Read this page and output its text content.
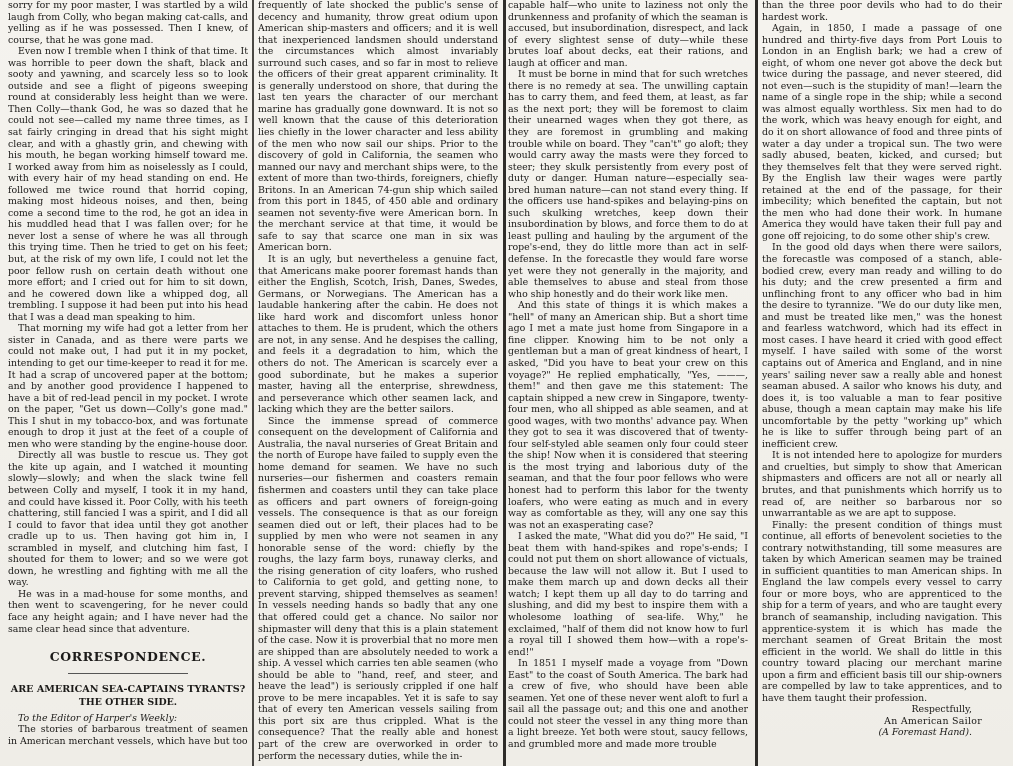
sorry for my poor master, I was startled by a wild laugh from Colly, who began making cat-calls, and yelling as if he was possessed. Then I knew, of course, that he was gone mad.

Even now I tremble when I think of that time. It was horrible to peer down the shaft, black and sooty and yawning, and scarcely less so to look outside and see a flight of pigeons sweeping round at considerably less height than we were. Then Colly—thank God, he was so dazed that he could not see—called my name three times, as I sat fairly cringing in dread that his sight might clear, and with a ghastly grin, and chewing with his mouth, he began working himself toward me. I worked away from him as noiselessly as I could, with every hair of my head standing on end. He followed me twice round that horrid coping, making most hideous noises, and then, being come a second time to the rod, he got an idea in his muddled head that I was fallen over; for he never lost a sense of where he was all through this trying time. Then he tried to get on his feet; but, at the risk of my own life, I could not let the poor fellow rush on certain death without one more effort; and I cried out for him to sit down, and he cowered down like a whipped dog, all trembling. I suppose it had been put into his head that I was a dead man speaking to him.

That morning my wife had got a letter from her sister in Canada, and as there were parts we could not make out, I had put it in my pocket, intending to get our time-keeper to read it for me. It had a scrap of uncovered paper at the bottom; and by another good providence I happened to have a bit of red-lead pencil in my pocket. I wrote on the paper, "Get us down—Colly's gone mad." This I shut in my tobacco-box, and was fortunate enough to drop it just at the feet of a couple of men who were standing by the engine-house door.

Directly all was bustle to rescue us. They got the kite up again, and I watched it mounting slowly—slowly; and when the slack twine fell between Colly and myself, I took it in my hand, and could have kissed it. Poor Colly, with his teeth chattering, still fancied I was a spirit, and I did all I could to favor that idea until they got another cradle up to us. Then having got him in, I scrambled in myself, and clutching him fast, I shouted for them to lower; and so we were got down, he wrestling and fighting with me all the way.

He was in a mad-house for some months, and then went to scavengering, for he never could face any height again; and I have never had the same clear head since that adventure.

CORRESPONDENCE.
ARE AMERICAN SEA-CAPTAINS TYRANTS?
THE OTHER SIDE.

To the Editor of Harper's Weekly:

The stories of barbarous treatment of seamen in American merchant vessels, which have but too

frequently of late shocked the public's sense of decency and humanity, throw great odium upon American ship-masters and officers; and it is well that inexperienced landsmen should understand the circumstances which almost invariably surround such cases, and so far in most to relieve the officers of their great apparent criminality. It is generally understood on shore, that during the last ten years the character of our merchant marine has gradually gone downward. It is not so well known that the cause of this deterioration lies chiefly in the lower character and less ability of the men who now sail our ships. Prior to the discovery of gold in California, the seamen who manned our navy and merchant ships were, to the extent of more than two-thirds, foreigners, chiefly Britons. In an American 74-gun ship which sailed from this port in 1845, of 450 able and ordinary seamen not seventy-five were American born. In the merchant service at that time, it would be safe to say that scarce one man in six was American born.

It is an ugly, but nevertheless a genuine fact, that Americans make poorer foremast hands than either the English, Scotch, Irish, Danes, Swedes, Germans, or Norwegians. The American has a laudable hankering after the cabin. He does not like hard work and discomfort unless honor attaches to them. He is prudent, which the others are not, in any sense. And he despises the calling, and feels it a degradation to him, which the others do not. The American is scarcely ever a good subordinate, but he makes a superior master, having all the enterprise, shrewdness, and perseverance which other seamen lack, and lacking which they are the better sailors.

Since the immense spread of commerce consequent on the development of California and Australia, the naval nurseries of Great Britain and the north of Europe have failed to supply even the home demand for seamen. We have no such nurseries—our fishermen and coasters remain fishermen and coasters until they can take place as officers and part owners of foreign-going vessels. The consequence is that as our foreign seamen died out or left, their places had to be supplied by men who were not seamen in any honorable sense of the word: chiefly by the roughs, the lazy farm boys, runaway clerks, and the rising generation of city loafers, who rushed to California to get gold, and getting none, to prevent starving, shipped themselves as seamen! In vessels needing hands so badly that any one that offered could get a chance. No sailor nor shipmaster will deny that this is a plain statement of the case. Now it is proverbial that no more men are shipped than are absolutely needed to work a ship. A vessel which carries ten able seamen (who should be able to "hand, reef, and steer, and heave the lead") is seriously crippled if one half prove to be mere incapables. Yet it is safe to say that of every ten American vessels sailing from this port six are thus crippled. What is the consequence? That the really able and honest part of the crew are overworked in order to perform the necessary duties, while the in-

capable half—who unite to laziness not only the drunkenness and profanity of which the seaman is accused, but insubordination, disrespect, and lack of every slightest sense of duty—while these brutes loaf about decks, eat their rations, and laugh at officer and man.

It must be borne in mind that for such wretches there is no remedy at sea. The unwilling captain has to carry them, and feed them, at least, as far as the next port; they will be foremost to claim their unearned wages when they got there, as they are foremost in grumbling and making trouble while on board. They "can't" go aloft; they would carry away the masts were they forced to steer; they skulk persistently from every post of duty or danger. Human nature—especially sea-bred human nature—can not stand every thing. If the officers use hand-spikes and belaying-pins on such skulking wretches, keep down their insubordination by blows, and force them to do at least pulling and hauling by the argument of the rope's-end, they do little more than act in self-defense. In the forecastle they would fare worse yet were they not generally in the majority, and able themselves to abuse and steal from those who ship honestly and do their work like men.

And this state of things it is which makes a "hell" of many an American ship. But a short time ago I met a mate just home from Singapore in a fine clipper. Knowing him to be not only a gentleman but a man of great kindness of heart, I asked, "Did you have to beat your crew on this voyage?" He replied emphatically, "Yes, ———, them!" and then gave me this statement: The captain shipped a new crew in Singapore, twenty-four men, who all shipped as able seamen, and at good wages, with two months' advance pay. When they got to sea it was discovered that of twenty-four self-styled able seamen only four could steer the ship! Now when it is considered that steering is the most trying and laborious duty of the seaman, and that the four poor fellows who were honest had to perform this labor for the twenty loafers, who were eating as much and in every way as comfortable as they, will any one say this was not an exasperating case?

I asked the mate, "What did you do?" He said, "I beat them with hand-spikes and rope's-ends; I could not put them on short allowance of victuals, because the law will not allow it. But I used to make them march up and down decks all their watch; I kept them up all day to do tarring and slushing, and did my best to inspire them with a wholesome loathing of sea-life. Why," he exclaimed, "half of them did not know how to furl a royal till I showed them how—with a rope's-end!"

In 1851 I myself made a voyage from "Down East" to the coast of South America. The bark had a crew of five, who should have been able seamen. Yet one of these never went aloft to furl a sail all the passage out; and this one and another could not steer the vessel in any thing more than a light breeze. Yet both were stout, saucy fellows, and grumbled more and made more trouble

than the three poor devils who had to do their hardest work.

Again, in 1850, I made a passage of one hundred and thirty-five days from Port Louis to London in an English bark; we had a crew of eight, of whom one never got above the deck but twice during the passage, and never steered, did not even—such is the stupidity of man!—learn the name of a single rope in the ship; while a second was almost equally worthless. Six men had to do the work, which was heavy enough for eight, and do it on short allowance of food and three pints of water a day under a tropical sun. The two were sadly abused, beaten, kicked, and cursed; but they themselves felt that they were served right. By the English law their wages were partly retained at the end of the passage, for their imbecility; which benefited the captain, but not the men who had done their work. In humane America they would have taken their full pay and gone off rejoicing, to do some other ship's crew.

In the good old days when there were sailors, the forecastle was composed of a stanch, able-bodied crew, every man ready and willing to do his duty; and the crew presented a firm and unflinching front to any officer who bad in him the desire to tyrannize. "We do our duty like men, and must be treated like men," was the honest and fearless watchword, which had its effect in most cases. I have heard it cried with good effect myself. I have sailed with some of the worst captains out of America and England, and in nine years' sailing never saw a really able and honest seaman abused. A sailor who knows his duty, and does it, is too valuable a man to fear positive abuse, though a mean captain may make his life uncomfortable by the petty "working up" which he is like to suffer through being part of an inefficient crew.

It is not intended here to apologize for murders and cruelties, but simply to show that American shipmasters and officers are not all or nearly all brutes, and that punishments which horrify us to read of, are neither so barbarous nor so unwarrantable as we are apt to suppose.

Finally: the present condition of things must continue, all efforts of benevolent societies to the contrary notwithstanding, till some measures are taken by which American seamen may be trained in sufficient quantities to man American ships. In England the law compels every vessel to carry four or more boys, who are apprenticed to the ship for a term of years, and who are taught every branch of seamanship, including navigation. This apprentice-system it is which has made the merchant seamen of Great Britain the most efficient in the world. We shall do little in this country toward placing our merchant marine upon a firm and efficient basis till our ship-owners are compelled by law to take apprentices, and to have them taught their profession.

Respectfully,

An American Sailor

(A Foremast Hand).
